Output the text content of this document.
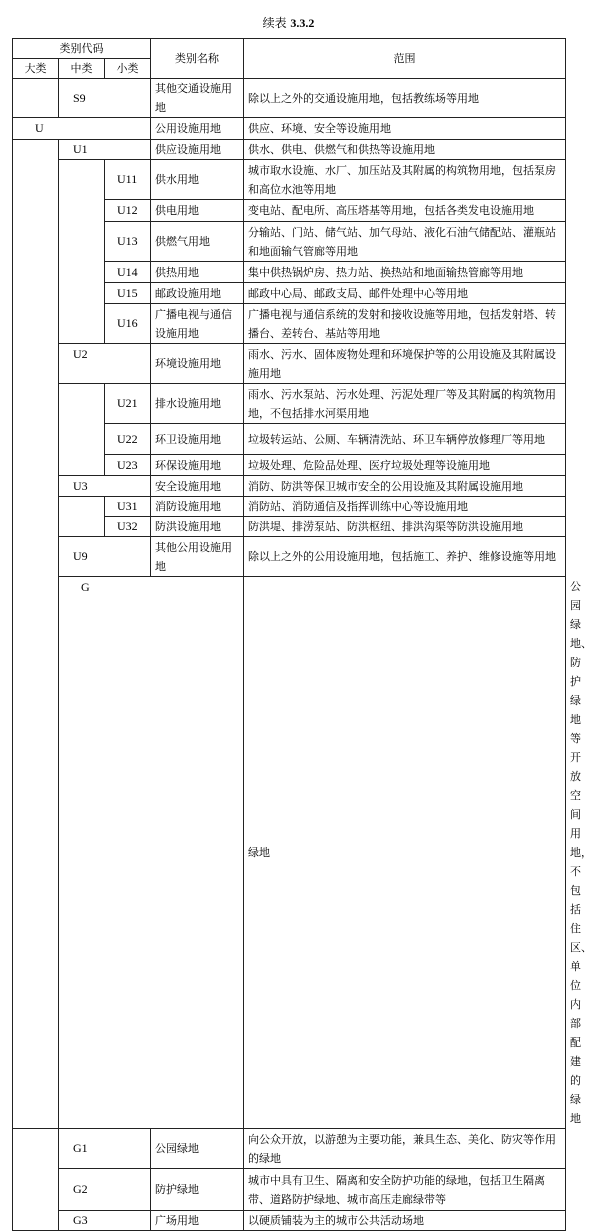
续表 3.3.2
类别代码			类别名称	范围	
大类	中类	小类			
	S9		其他交通设施用地	除以上之外的交通设施用地，包括教练场等用地	
U			公用设施用地	供应、环境、安全等设施用地	
	U1		供应设施用地	供水、供电、供燃气和供热等设施用地	
		U11	供水用地	城市取水设施、水厂、加压站及其附属的构筑物用地，包括泵房和高位水池等用地	
		U12	供电用地	变电站、配电所、高压塔基等用地，包括各类发电设施用地	
		U13	供燃气用地	分输站、门站、储气站、加气母站、液化石油气储配站、灌瓶站和地面输气管廊等用地	
		U14	供热用地	集中供热锅炉房、热力站、换热站和地面输热管廊等用地	
		U15	邮政设施用地	邮政中心局、邮政支局、邮件处理中心等用地	
		U16	广播电视与通信设施用地	广播电视与通信系统的发射和接收设施等用地，包括发射塔、转播台、差转台、基站等用地	
	U2		环境设施用地	雨水、污水、固体废物处理和环境保护等的公用设施及其附属设施用地	
		U21	排水设施用地	雨水、污水泵站、污水处理、污泥处理厂等及其附属的构筑物用地，不包括排水河渠用地	
		U22	环卫设施用地	垃圾转运站、公厕、车辆清洗站、环卫车辆停放修理厂等用地	
		U23	环保设施用地	垃圾处理、危险品处理、医疗垃圾处理等设施用地	
	U3		安全设施用地	消防、防洪等保卫城市安全的公用设施及其附属设施用地	
		U31	消防设施用地	消防站、消防通信及指挥训练中心等设施用地	
		U32	防洪设施用地	防洪堤、排涝泵站、防洪枢纽、排洪沟渠等防洪设施用地	
	U9		其他公用设施用地	除以上之外的公用设施用地，包括施工、养护、维修设施等用地	
	G			绿地	公园绿地、防护绿地等开放空间用地，不包括住区、单位内部配建的绿地
	G1		公园绿地	向公众开放，以游憩为主要功能，兼具生态、美化、防灾等作用的绿地	
	G2		防护绿地	城市中具有卫生、隔离和安全防护功能的绿地，包括卫生隔离带、道路防护绿地、城市高压走廊绿带等	
	G3		广场用地	以硬质铺装为主的城市公共活动场地	
